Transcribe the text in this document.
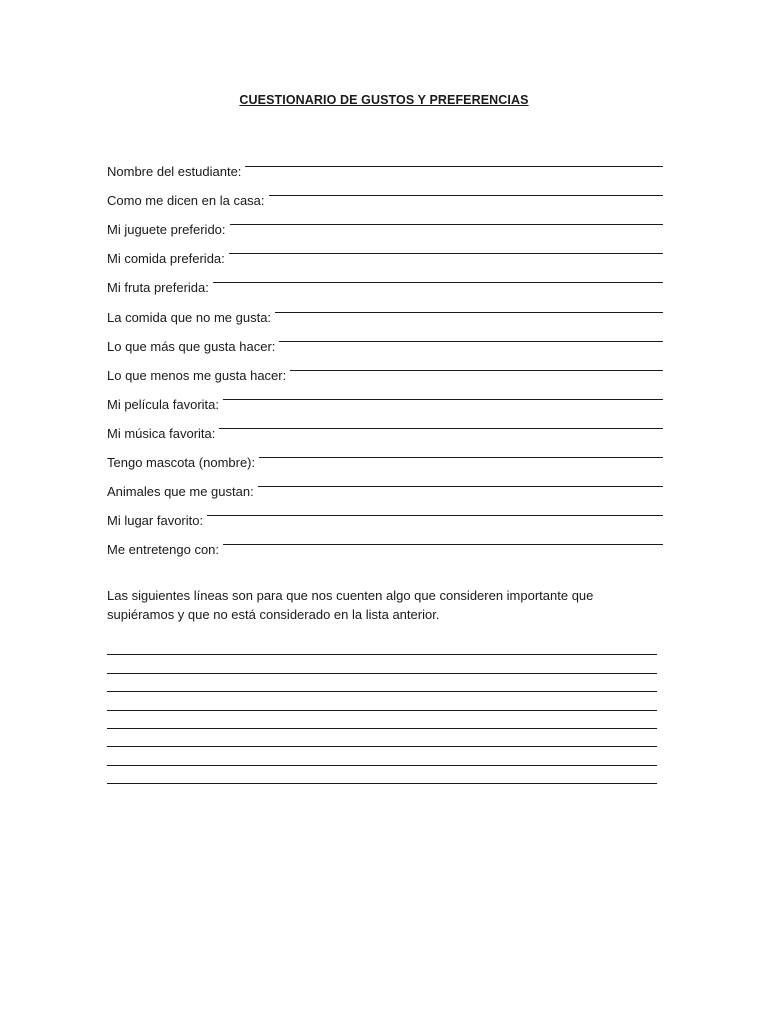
CUESTIONARIO DE GUSTOS Y PREFERENCIAS
Nombre del estudiante:
Como me dicen en la casa:
Mi juguete preferido:
Mi comida preferida:
Mi fruta preferida:
La comida que no me gusta:
Lo que más que gusta hacer:
Lo que menos me gusta hacer:
Mi película favorita:
Mi música favorita:
Tengo mascota (nombre):
Animales que me gustan:
Mi lugar favorito:
Me entretengo con:
Las siguientes líneas son para que nos cuenten algo que consideren importante que supiéramos y que no está considerado en la lista anterior.
